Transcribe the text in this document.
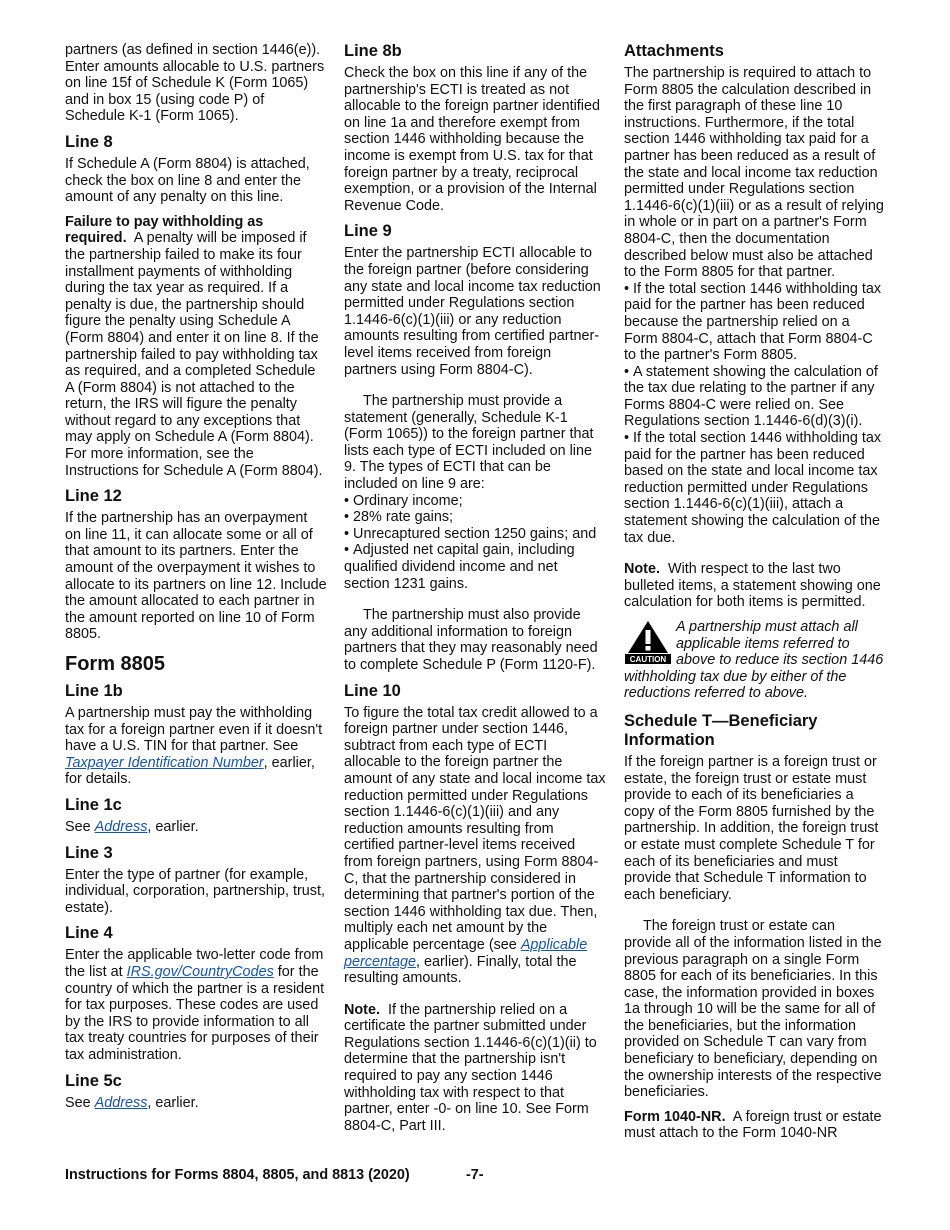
partners (as defined in section 1446(e)). Enter amounts allocable to U.S. partners on line 15f of Schedule K (Form 1065) and in box 15 (using code P) of Schedule K-1 (Form 1065).

Line 8

If Schedule A (Form 8804) is attached, check the box on line 8 and enter the amount of any penalty on this line.

Failure to pay withholding as required. A penalty will be imposed if the partnership failed to make its four installment payments of withholding during the tax year as required. If a penalty is due, the partnership should figure the penalty using Schedule A (Form 8804) and enter it on line 8. If the partnership failed to pay withholding tax as required, and a completed Schedule A (Form 8804) is not attached to the return, the IRS will figure the penalty without regard to any exceptions that may apply on Schedule A (Form 8804). For more information, see the Instructions for Schedule A (Form 8804).

Line 12

If the partnership has an overpayment on line 11, it can allocate some or all of that amount to its partners. Enter the amount of the overpayment it wishes to allocate to its partners on line 12. Include the amount allocated to each partner in the amount reported on line 10 of Form 8805.

Form 8805
Line 1b

A partnership must pay the withholding tax for a foreign partner even if it doesn't have a U.S. TIN for that partner. See Taxpayer Identification Number, earlier, for details.

Line 1c

See Address, earlier.

Line 3

Enter the type of partner (for example, individual, corporation, partnership, trust, estate).

Line 4

Enter the applicable two-letter code from the list at IRS.gov/CountryCodes for the country of which the partner is a resident for tax purposes. These codes are used by the IRS to provide information to all tax treaty countries for purposes of their tax administration.

Line 5c

See Address, earlier.

Line 8b

Check the box on this line if any of the partnership's ECTI is treated as not allocable to the foreign partner identified on line 1a and therefore exempt from section 1446 withholding because the income is exempt from U.S. tax for that foreign partner by a treaty, reciprocal exemption, or a provision of the Internal Revenue Code.

Line 9

Enter the partnership ECTI allocable to the foreign partner (before considering any state and local income tax reduction permitted under Regulations section 1.1446-6(c)(1)(iii) or any reduction amounts resulting from certified partner-level items received from foreign partners using Form 8804-C).

The partnership must provide a statement (generally, Schedule K-1 (Form 1065)) to the foreign partner that lists each type of ECTI included on line 9. The types of ECTI that can be included on line 9 are:

• Ordinary income;
• 28% rate gains;
• Unrecaptured section 1250 gains; and
• Adjusted net capital gain, including qualified dividend income and net section 1231 gains.

The partnership must also provide any additional information to foreign partners that they may reasonably need to complete Schedule P (Form 1120-F).

Line 10

To figure the total tax credit allowed to a foreign partner under section 1446, subtract from each type of ECTI allocable to the foreign partner the amount of any state and local income tax reduction permitted under Regulations section 1.1446-6(c)(1)(iii) and any reduction amounts resulting from certified partner-level items received from foreign partners, using Form 8804-C, that the partnership considered in determining that partner's portion of the section 1446 withholding tax due. Then, multiply each net amount by the applicable percentage (see Applicable percentage, earlier). Finally, total the resulting amounts.

Note. If the partnership relied on a certificate the partner submitted under Regulations section 1.1446-6(c)(1)(ii) to determine that the partnership isn't required to pay any section 1446 withholding tax with respect to that partner, enter -0- on line 10. See Form 8804-C, Part III.

Attachments

The partnership is required to attach to Form 8805 the calculation described in the first paragraph of these line 10 instructions. Furthermore, if the total section 1446 withholding tax paid for a partner has been reduced as a result of the state and local income tax reduction permitted under Regulations section 1.1446-6(c)(1)(iii) or as a result of relying in whole or in part on a partner's Form 8804-C, then the documentation described below must also be attached to the Form 8805 for that partner.

• If the total section 1446 withholding tax paid for the partner has been reduced because the partnership relied on a Form 8804-C, attach that Form 8804-C to the partner's Form 8805.
• A statement showing the calculation of the tax due relating to the partner if any Forms 8804-C were relied on. See Regulations section 1.1446-6(d)(3)(i).
• If the total section 1446 withholding tax paid for the partner has been reduced based on the state and local income tax reduction permitted under Regulations section 1.1446-6(c)(1)(iii), attach a statement showing the calculation of the tax due.

Note. With respect to the last two bulleted items, a statement showing one calculation for both items is permitted.

CAUTION
A partnership must attach all applicable items referred to above to reduce its section 1446 withholding tax due by either of the reductions referred to above.
Schedule T—Beneficiary
Information

If the foreign partner is a foreign trust or estate, the foreign trust or estate must provide to each of its beneficiaries a copy of the Form 8805 furnished by the partnership. In addition, the foreign trust or estate must complete Schedule T for each of its beneficiaries and must provide that Schedule T information to each beneficiary.

The foreign trust or estate can provide all of the information listed in the previous paragraph on a single Form 8805 for each of its beneficiaries. In this case, the information provided in boxes 1a through 10 will be the same for all of the beneficiaries, but the information provided on Schedule T can vary from beneficiary to beneficiary, depending on the ownership interests of the respective beneficiaries.

Form 1040-NR. A foreign trust or estate must attach to the Form 1040-NR

Instructions for Forms 8804, 8805, and 8813 (2020)	-7-
